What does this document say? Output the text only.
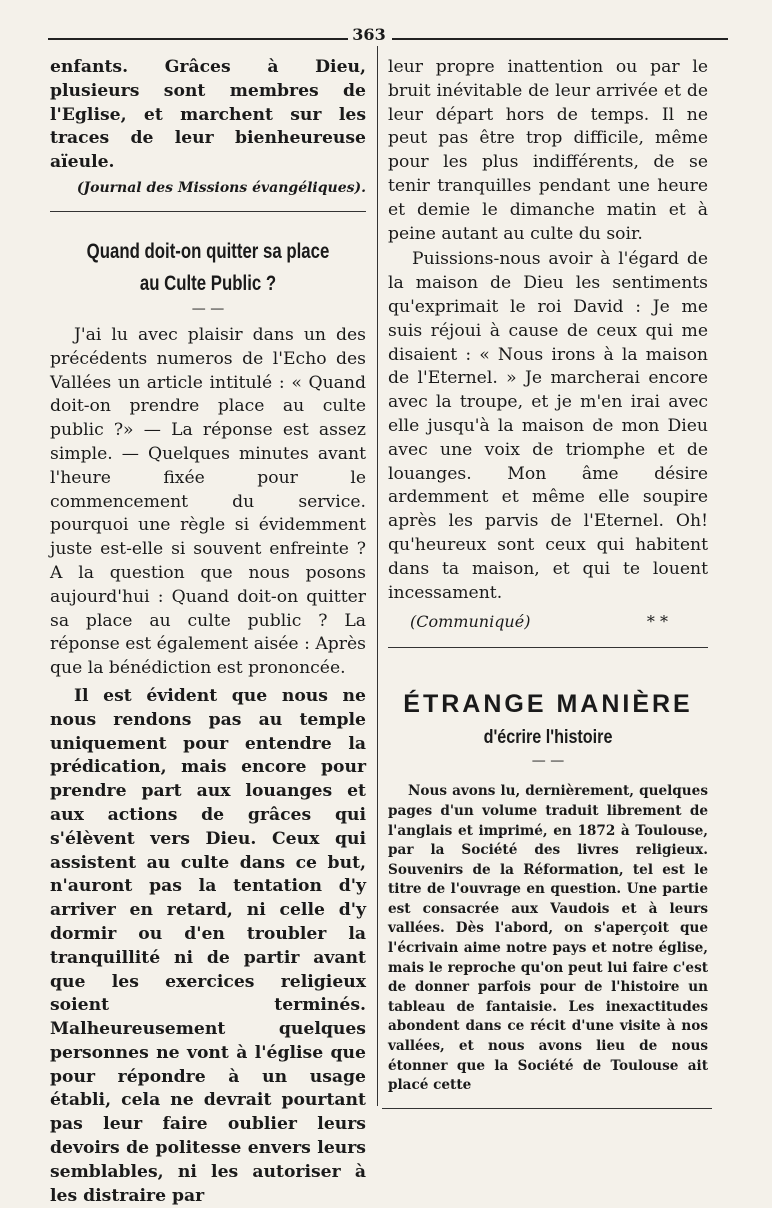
363

enfants. Grâces à Dieu, plusieurs sont membres de l'Eglise, et marchent sur les traces de leur bienheureuse aïeule.

(Journal des Missions évangéliques).

Quand doit-on quitter sa place au Culte Public ?

— —

J'ai lu avec plaisir dans un des précédents numeros de l'Echo des Vallées un article intitulé : « Quand doit-on prendre place au culte public ?» — La réponse est assez simple. — Quelques minutes avant l'heure fixée pour le commencement du service. pourquoi une règle si évidemment juste est-elle si souvent enfreinte ? A la question que nous posons aujourd'hui : Quand doit-on quitter sa place au culte public ? La réponse est également aisée : Après que la bénédiction est prononcée.

Il est évident que nous ne nous rendons pas au temple uniquement pour entendre la prédication, mais encore pour prendre part aux louanges et aux actions de grâces qui s'élèvent vers Dieu. Ceux qui assistent au culte dans ce but, n'auront pas la tentation d'y arriver en retard, ni celle d'y dormir ou d'en troubler la tranquillité ni de partir avant que les exercices religieux soient terminés. Malheureusement quelques personnes ne vont à l'église que pour répondre à un usage établi, cela ne devrait pourtant pas leur faire oublier leurs devoirs de politesse envers leurs semblables, ni les autoriser à les distraire par

leur propre inattention ou par le bruit inévitable de leur arrivée et de leur départ hors de temps. Il ne peut pas être trop difficile, même pour les plus indifférents, de se tenir tranquilles pendant une heure et demie le dimanche matin et à peine autant au culte du soir.

Puissions-nous avoir à l'égard de la maison de Dieu les sentiments qu'exprimait le roi David : Je me suis réjoui à cause de ceux qui me disaient : « Nous irons à la maison de l'Eternel. » Je marcherai encore avec la troupe, et je m'en irai avec elle jusqu'à la maison de mon Dieu avec une voix de triomphe et de louanges. Mon âme désire ardemment et même elle soupire après les parvis de l'Eternel. Oh! qu'heureux sont ceux qui habitent dans ta maison, et qui te louent incessament.

(Communiqué)	* *
ÉTRANGE MANIÈRE
d'écrire l'histoire

— —

Nous avons lu, dernièrement, quelques pages d'un volume traduit librement de l'anglais et imprimé, en 1872 à Toulouse, par la Société des livres religieux. Souvenirs de la Réformation, tel est le titre de l'ouvrage en question. Une partie est consacrée aux Vaudois et à leurs vallées. Dès l'abord, on s'aperçoit que l'écrivain aime notre pays et notre église, mais le reproche qu'on peut lui faire c'est de donner parfois pour de l'histoire un tableau de fantaisie. Les inexactitudes abondent dans ce récit d'une visite à nos vallées, et nous avons lieu de nous étonner que la Société de Toulouse ait placé cette
